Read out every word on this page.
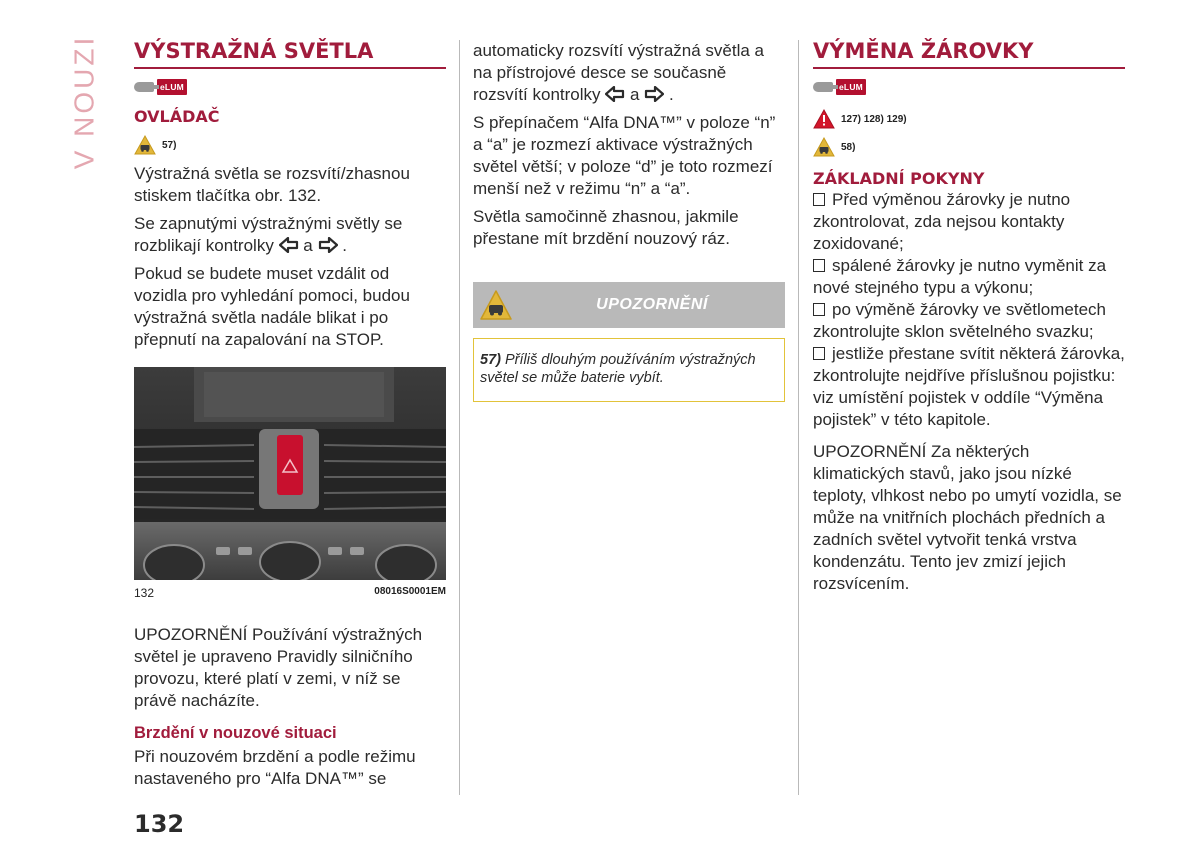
V NOUZI VÝSTRAŽNÁ SVĚTLA
eLUM
OVLÁDAČ
57)

Výstražná světla se rozsvítí/zhasnou stiskem tlačítka obr. 132.

Se zapnutými výstražnými světly se rozblikají kontrolky a .

Pokud se budete muset vzdálit od vozidla pro vyhledání pomoci, budou výstražná světla nadále blikat i po přepnutí na zapalování na STOP.

132	08016S0001EM

UPOZORNĚNÍ Používání výstražných světel je upraveno Pravidly silničního provozu, které platí v zemi, v níž se právě nacházíte.

Brzdění v nouzové situaci

Při nouzovém brzdění a podle režimu nastaveného pro “Alfa DNA™” se

automaticky rozsvítí výstražná světla a na přístrojové desce se současně rozsvítí kontrolky a .

S přepínačem “Alfa DNA™” v poloze “n” a “a” je rozmezí aktivace výstražných světel větší; v poloze “d” je toto rozmezí menší než v režimu “n” a “a”.

Světla samočinně zhasnou, jakmile přestane mít brzdění nouzový ráz.

UPOZORNĚNÍ
57) Příliš dlouhým používáním výstražných světel se může baterie vybít.
VÝMĚNA ŽÁROVKY
eLUM
127) 128) 129)
58)
ZÁKLADNÍ POKYNY

Před výměnou žárovky je nutno zkontrolovat, zda nejsou kontakty zoxidované;

spálené žárovky je nutno vyměnit za nové stejného typu a výkonu;

po výměně žárovky ve světlometech zkontrolujte sklon světelného svazku;

jestliže přestane svítit některá žárovka, zkontrolujte nejdříve příslušnou pojistku: viz umístění pojistek v oddíle “Výměna pojistek” v této kapitole.

UPOZORNĚNÍ Za některých klimatických stavů, jako jsou nízké teploty, vlhkost nebo po umytí vozidla, se může na vnitřních plochách předních a zadních světel vytvořit tenká vrstva kondenzátu. Tento jev zmizí jejich rozsvícením.

132
